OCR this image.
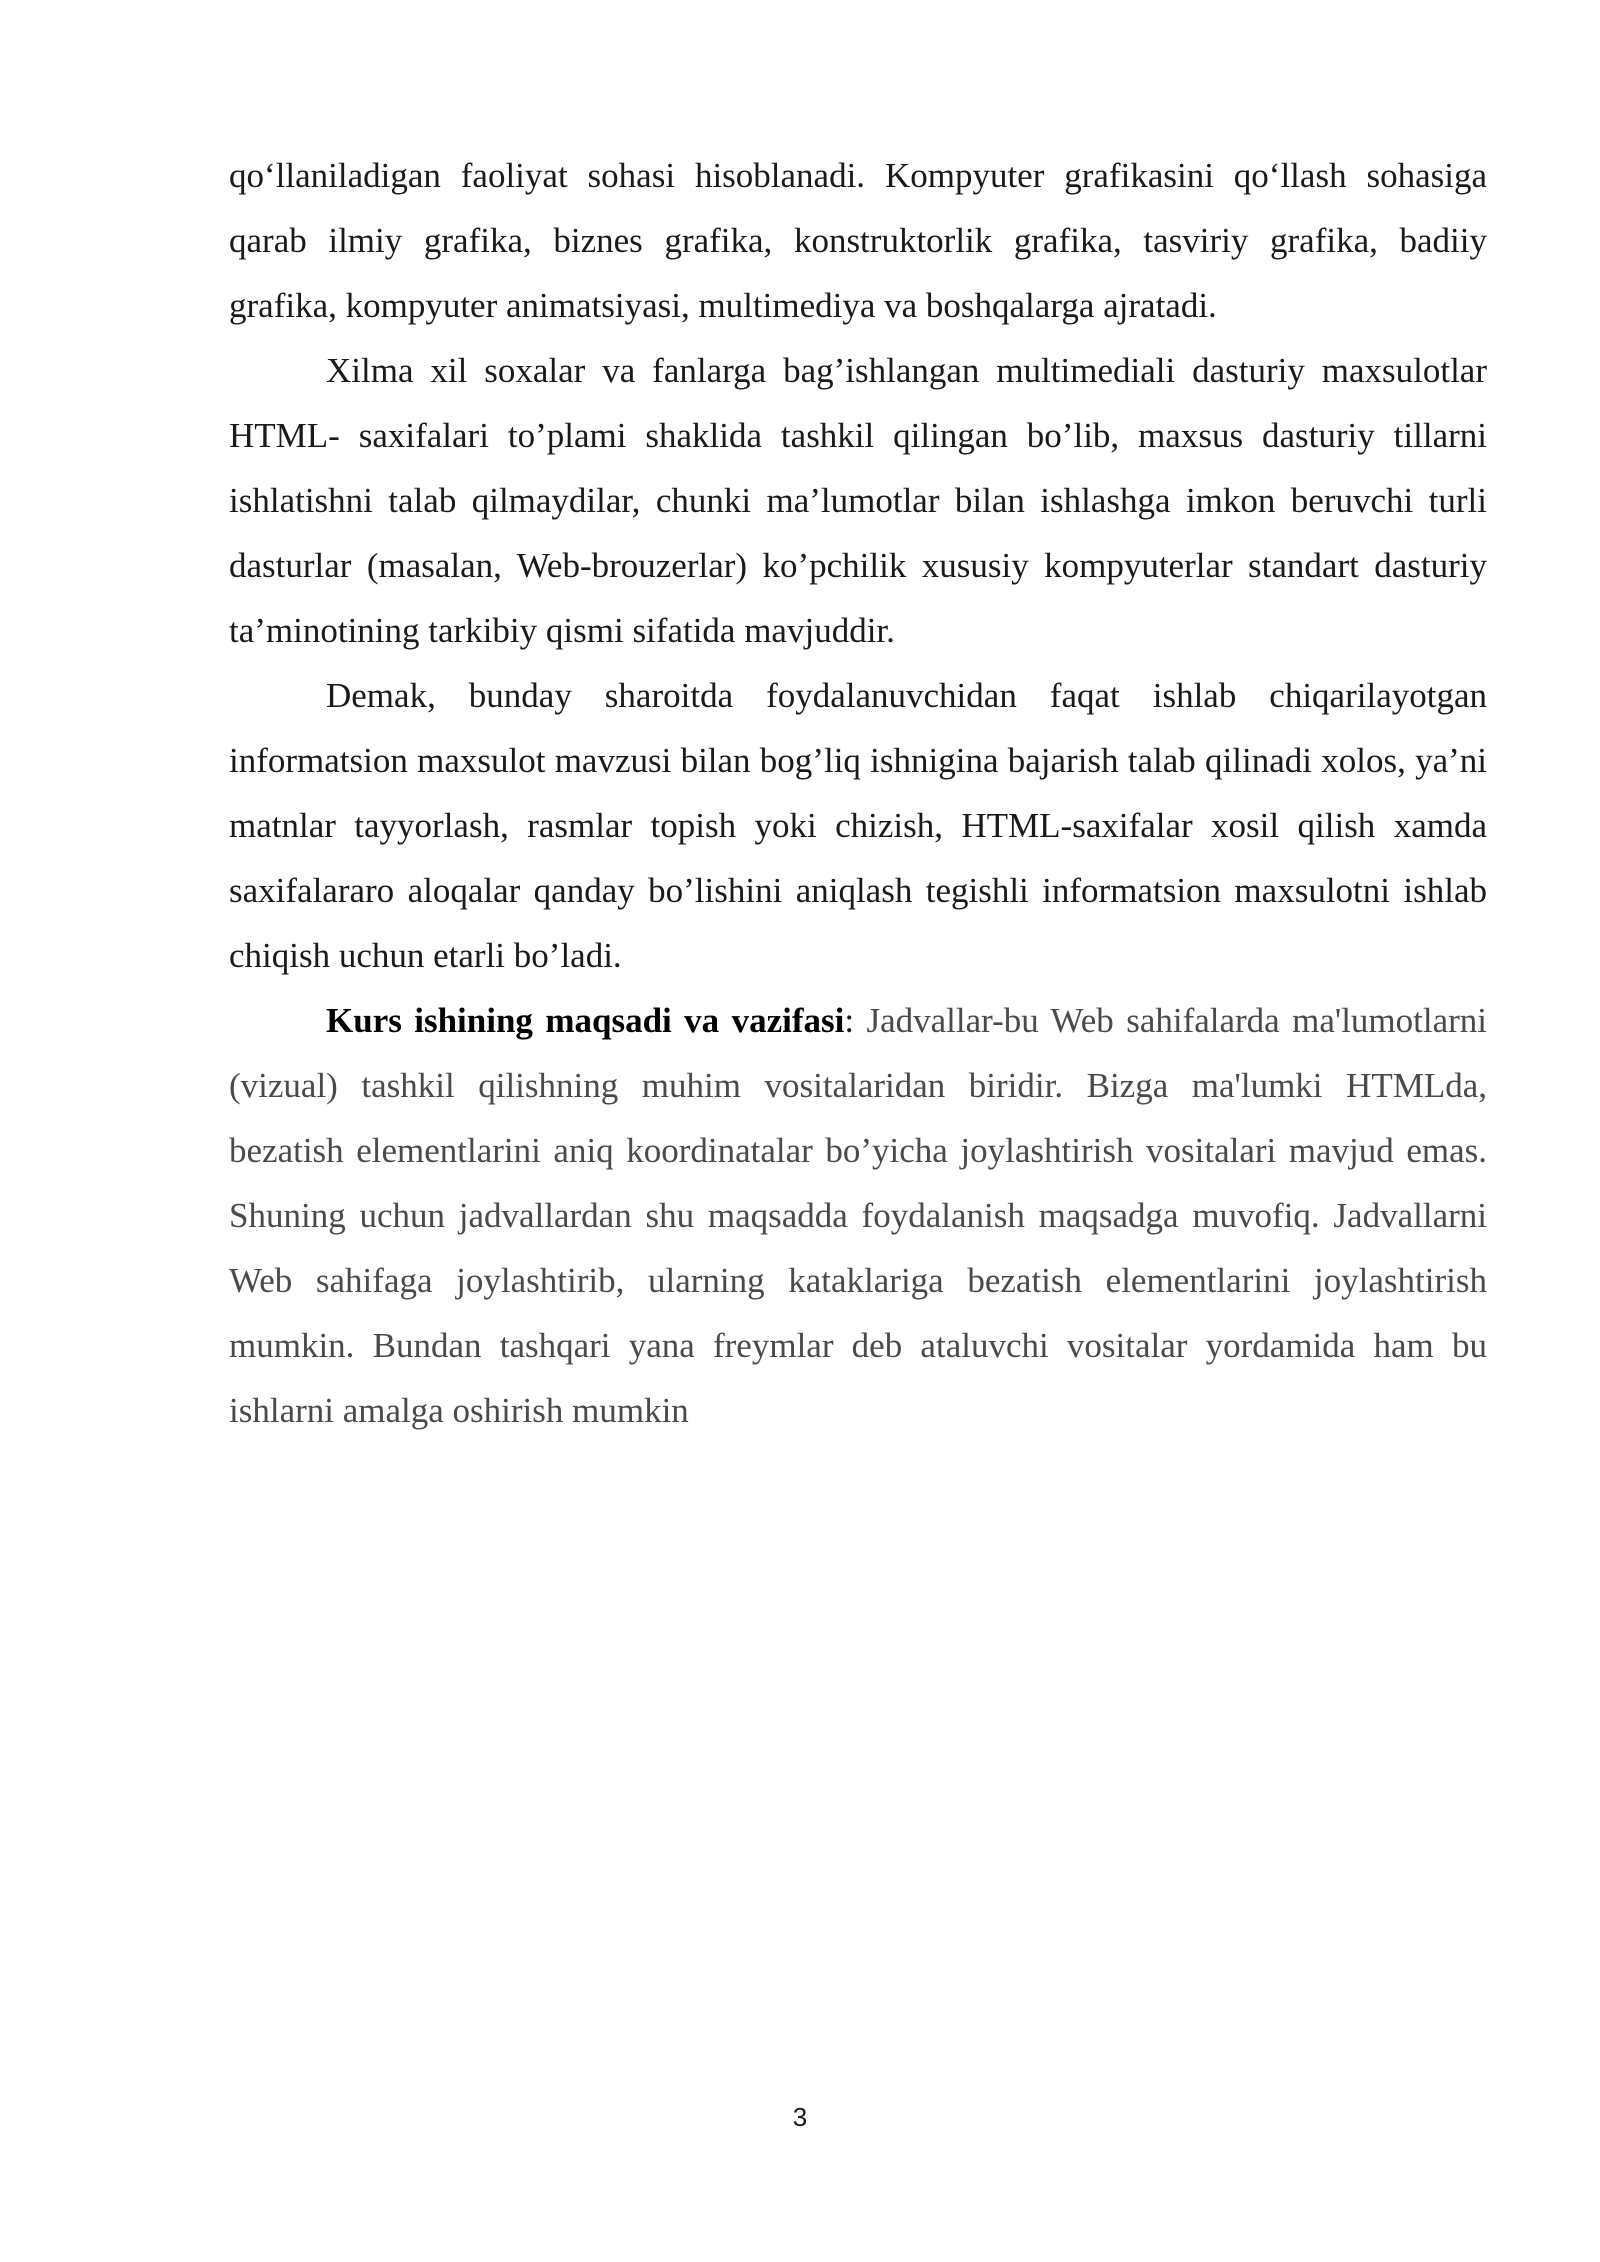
qo‘llaniladigan faoliyat sohasi hisoblanadi. Kompyuter grafikasini qo‘llash sohasiga qarab ilmiy grafika, biznes grafika, konstruktorlik grafika, tasviriy grafika, badiiy grafika, kompyuter animatsiyasi, multimediya va boshqalarga ajratadi.

Xilma xil soxalar va fanlarga bag’ishlangan multimediali dasturiy maxsulotlar HTML- saxifalari to’plami shaklida tashkil qilingan bo’lib, maxsus dasturiy tillarni ishlatishni talab qilmaydilar, chunki ma’lumotlar bilan ishlashga imkon beruvchi turli dasturlar (masalan, Web-brouzerlar) ko’pchilik xususiy kompyuterlar standart dasturiy ta’minotining tarkibiy qismi sifatida mavjuddir.

Demak, bunday sharoitda foydalanuvchidan faqat ishlab chiqarilayotgan informatsion maxsulot mavzusi bilan bog’liq ishnigina bajarish talab qilinadi xolos, ya’ni matnlar tayyorlash, rasmlar topish yoki chizish, HTML-saxifalar xosil qilish xamda saxifalararo aloqalar qanday bo’lishini aniqlash tegishli informatsion maxsulotni ishlab chiqish uchun etarli bo’ladi.

Kurs ishining maqsadi va vazifasi: Jadvallar-bu Web sahifalarda ma'lumotlarni (vizual) tashkil qilishning muhim vositalaridan biridir. Bizga ma'lumki HTMLda, bezatish elementlarini aniq koordinatalar bo’yicha joylashtirish vositalari mavjud emas. Shuning uchun jadvallardan shu maqsadda foydalanish maqsadga muvofiq. Jadvallarni Web sahifaga joylashtirib, ularning kataklariga bezatish elementlarini joylashtirish mumkin. Bundan tashqari yana freymlar deb ataluvchi vositalar yordamida ham bu ishlarni amalga oshirish mumkin

3
